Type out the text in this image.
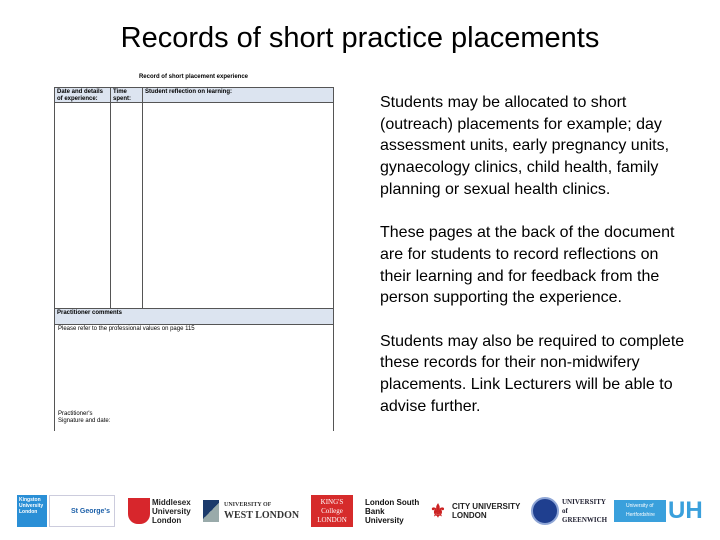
Records of short practice placements
Record of short placement experience
Date and details of experience:
Time spent:
Student reflection on learning:
Practitioner comments
Please refer to the professional values on page 115
Practitioner's Signature and date:

Students may be allocated to short (outreach) placements for example; day assessment units, early pregnancy units, gynaecology clinics, child health, family planning or sexual health clinics.

These pages at the back of the document are for students to record reflections on their learning and for feedback from the person supporting the experience.

Students may also be required to complete these records for their non-midwifery placements. Link Lecturers will be able to advise further.

Kingston University London	St George's
Middlesex University London
UNIVERSITY OF
WEST LONDON
KING'S College LONDON
London South Bank University	⚜ CITY UNIVERSITY LONDON
UNIVERSITY of GREENWICH
University of Hertfordshire UH
